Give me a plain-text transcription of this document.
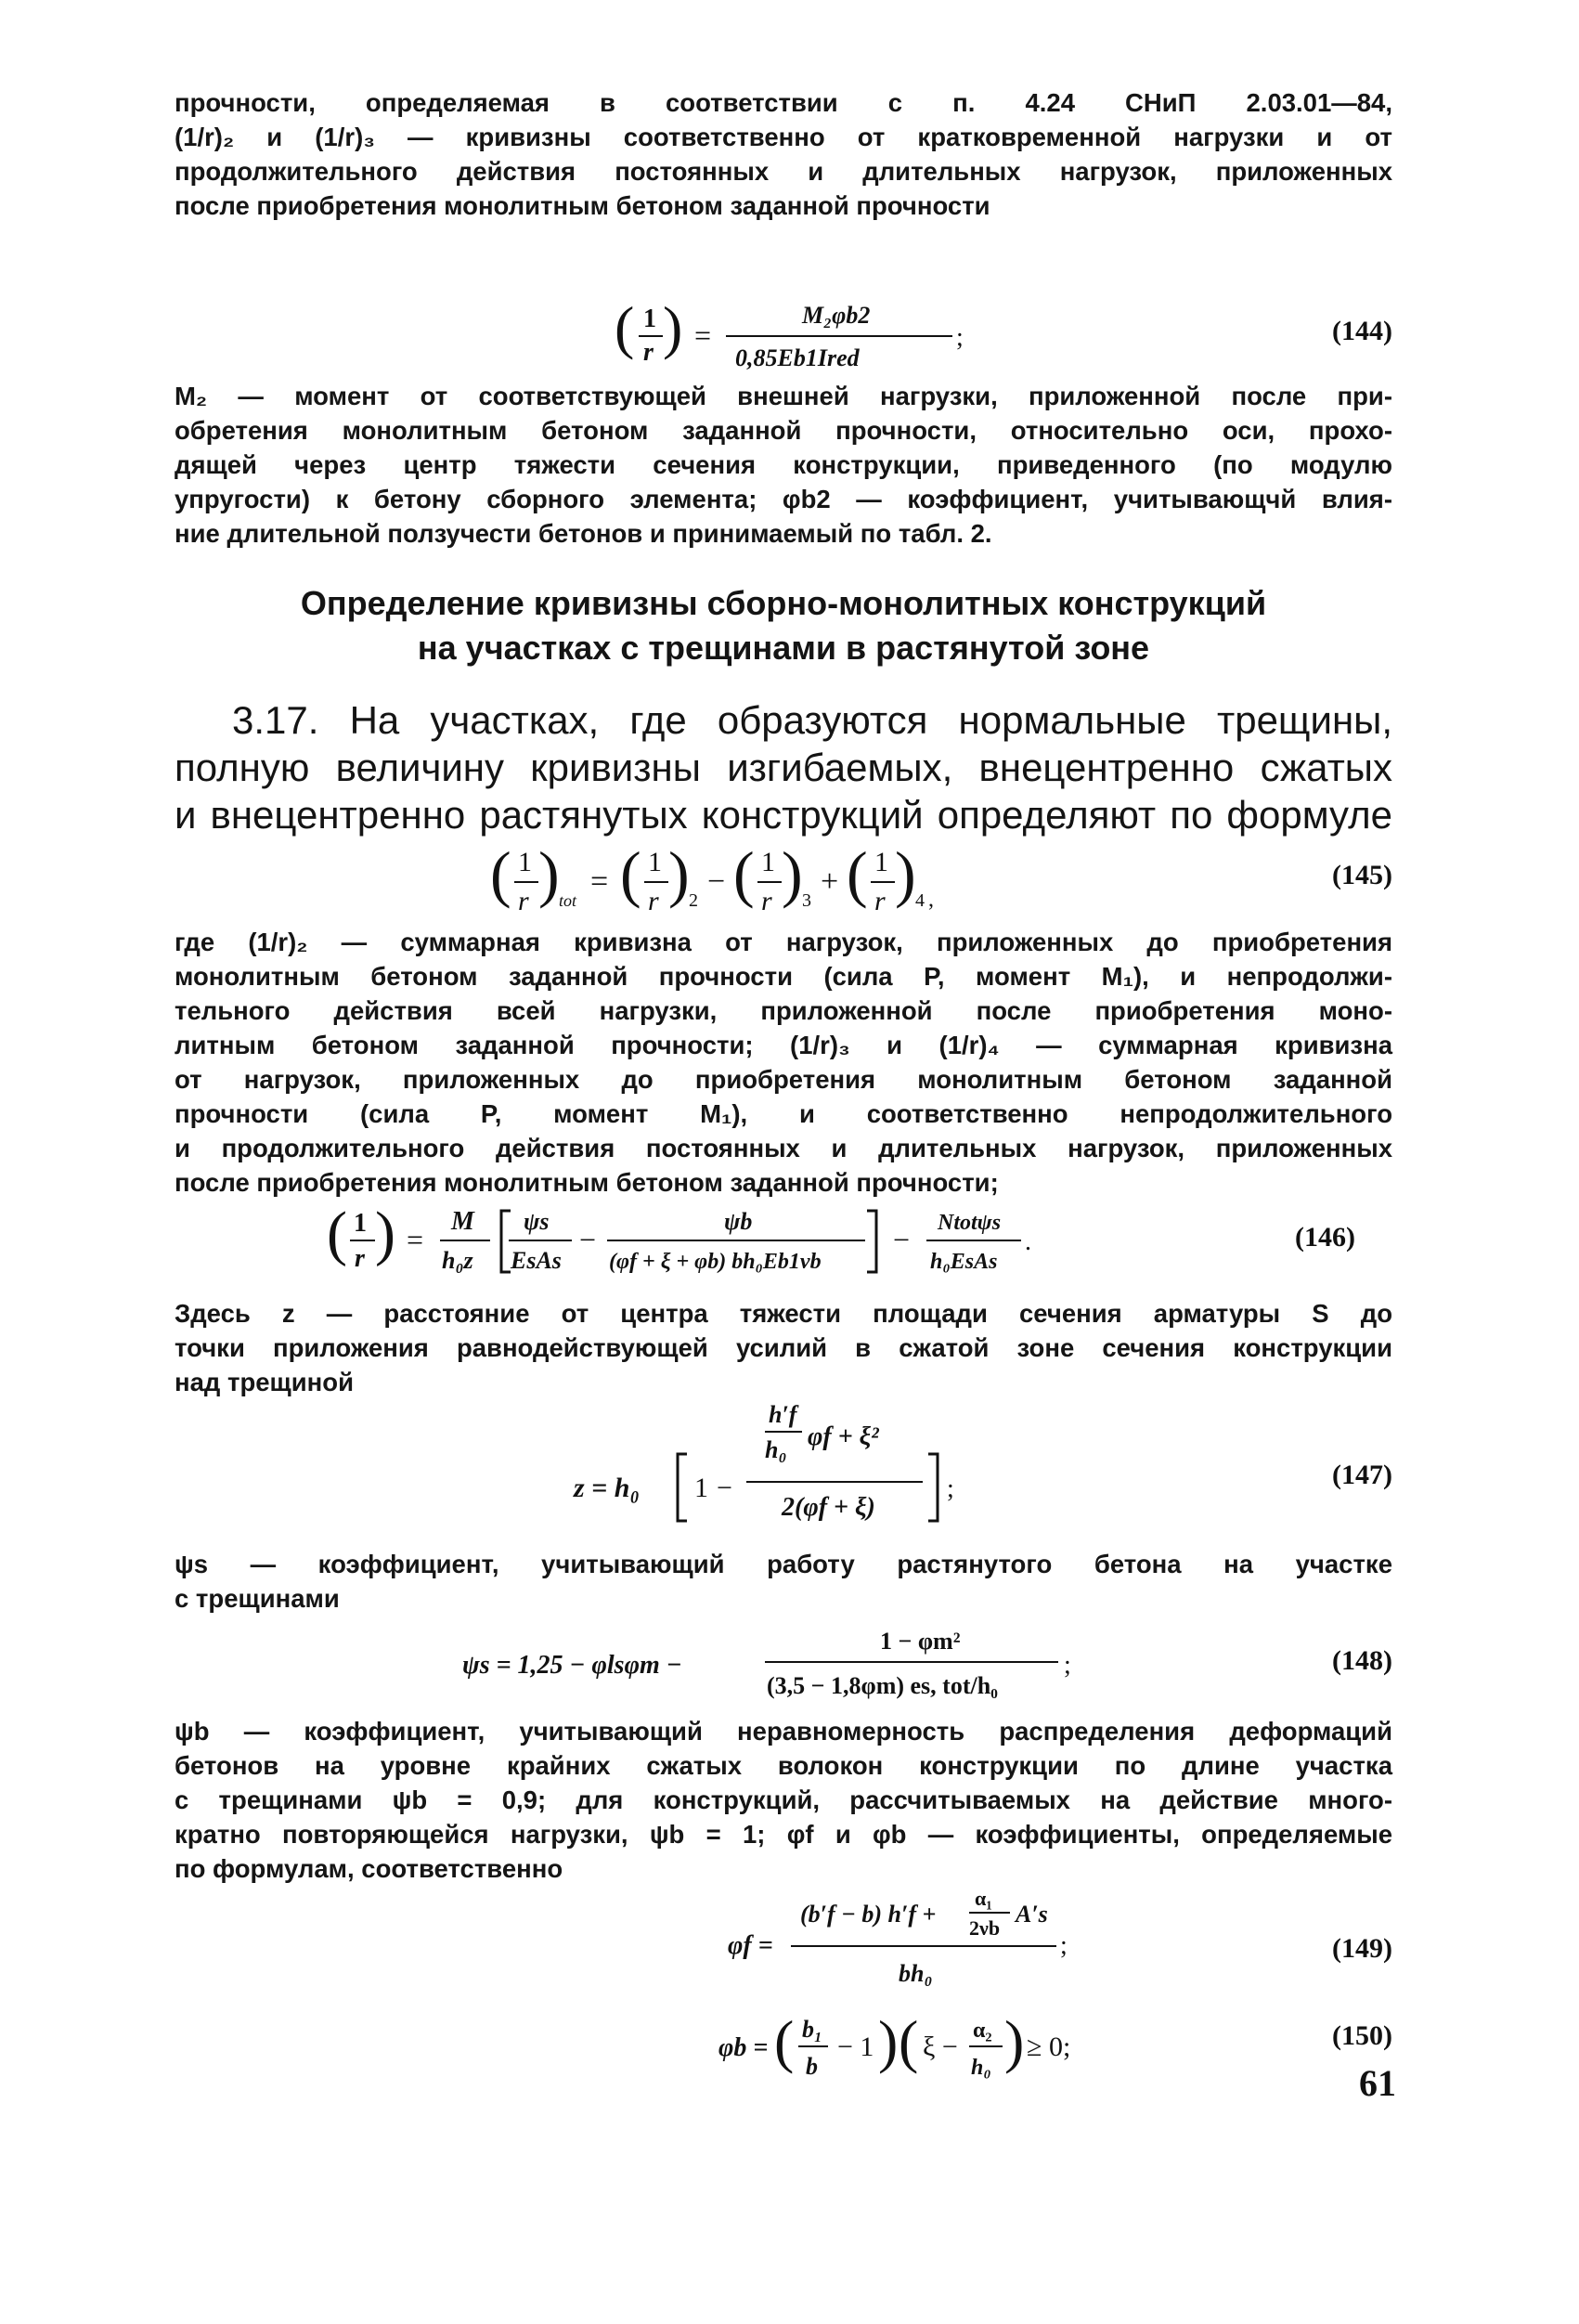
прочности, определяемая в соответствии с п. 4.24 СНиП 2.03.01—84,
(1/r)₂ и (1/r)₃ — кривизны соответственно от кратковременной нагрузки и от
продолжительного действия постоянных и длительных нагрузок, приложенных
после приобретения монолитным бетоном заданной прочности
( 1
r ) =
M₂φb2
0,85Eb1Ired
;	(144)
M₂ — момент от соответствующей внешней нагрузки, приложенной после при-
обретения монолитным бетоном заданной прочности, относительно оси, прохо-
дящей через центр тяжести сечения конструкции, приведенного (по модулю
упругости) к бетону сборного элемента; φb2 — коэффициент, учитывающчй влия-
ние длительной ползучести бетонов и принимаемый по табл. 2.
Определение кривизны сборно-монолитных конструкций
на участках с трещинами в растянутой зоне
3.17. На участках, где образуются нормальные трещины,
полную величину кривизны изгибаемых, внецентренно сжатых
и внецентренно растянутых конструкций определяют по формуле
( 1
r ) tot
= ( 1
r ) 2
− ( 1
r ) 3
+ ( 1
r ) 4 ,
(145)
где (1/r)₂ — суммарная кривизна от нагрузок, приложенных до приобретения
монолитным бетоном заданной прочности (сила P, момент M₁), и непродолжи-
тельного действия всей нагрузки, приложенной после приобретения моно-
литным бетоном заданной прочности; (1/r)₃ и (1/r)₄ — суммарная кривизна
от нагрузок, приложенных до приобретения монолитным бетоном заданной
прочности (сила P, момент M₁), и соответственно непродолжительного
и продолжительного действия постоянных и длительных нагрузок, приложенных
после приобретения монолитным бетоном заданной прочности;
( 1
r ) =
M
h₀z
ψs
EsAs
−
ψb
(φf + ξ + φb) bh₀Eb1νb
− Ntotψs
h₀EsAs
.	(146)
Здесь z — расстояние от центра тяжести площади сечения арматуры S до
точки приложения равнодействующей усилий в сжатой зоне сечения конструкции
над трещиной
z = h₀ 1 −
h′f
h₀ φf + ξ²
2(φf + ξ)
;	(147)
ψs — коэффициент, учитывающий работу растянутого бетона на участке
с трещинами
ψs = 1,25 − φlsφm −
1 − φm²
(3,5 − 1,8φm) es, tot/h₀
;	(148)
ψb — коэффициент, учитывающий неравномерность распределения деформаций
бетонов на уровне крайних сжатых волокон конструкции по длине участка
с трещинами ψb = 0,9; для конструкций, рассчитываемых на действие много-
кратно повторяющейся нагрузки, ψb = 1; φf и φb — коэффициенты, определяемые
по формулам, соответственно
φf =
(b′f − b) h′f +
α₁
2νb
A′s
bh₀
;	(149)
φb = ( b₁
b
− 1 ) ( ξ −
α₂
h₀ ) ≥ 0;	(150)
61
